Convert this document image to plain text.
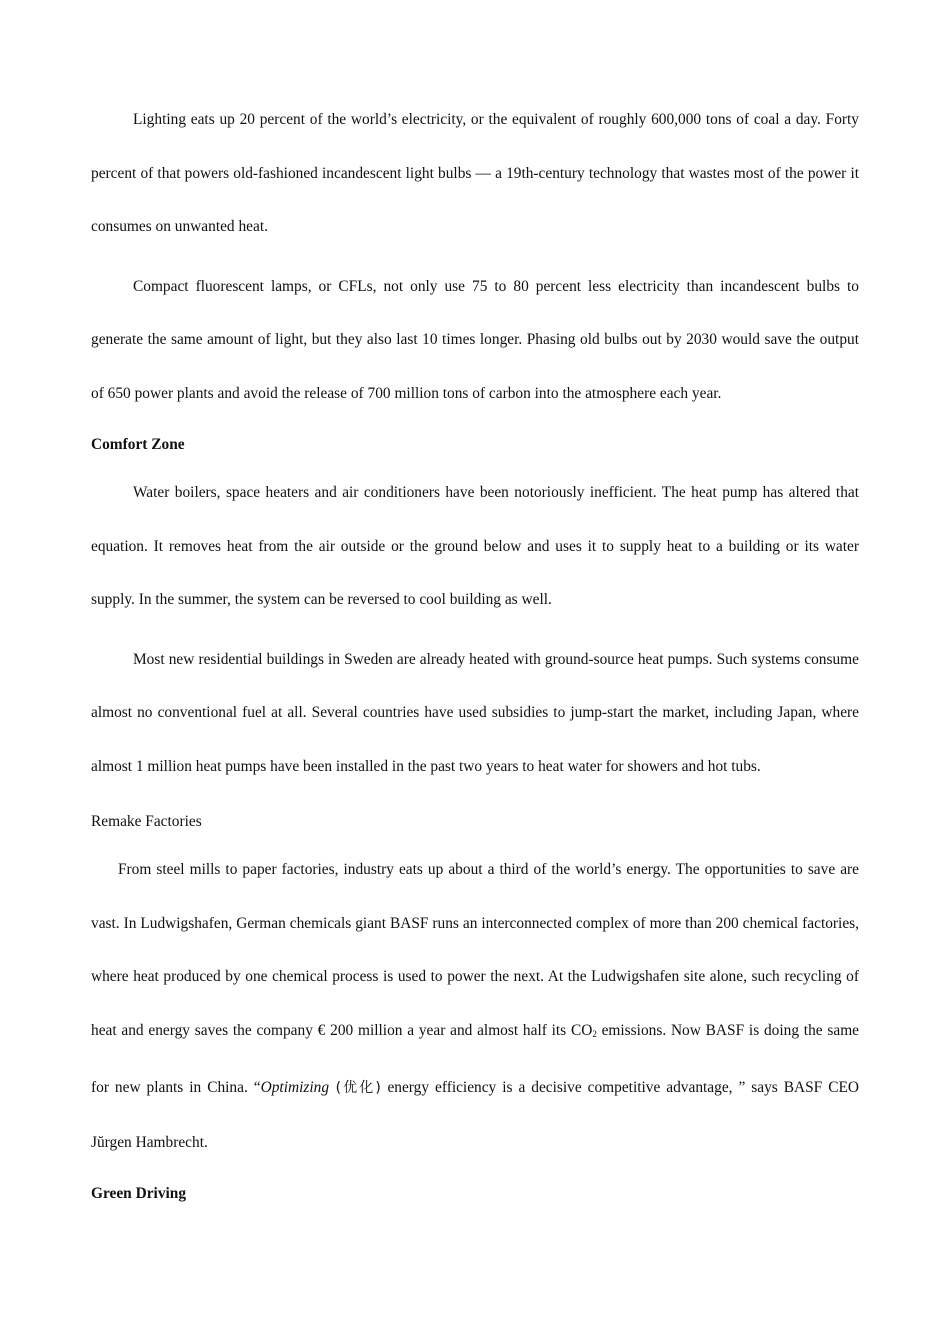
Lighting eats up 20 percent of the world’s electricity, or the equivalent of roughly 600,000 tons of coal a day. Forty percent of that powers old-fashioned incandescent light bulbs — a 19th-century technology that wastes most of the power it consumes on unwanted heat.

Compact fluorescent lamps, or CFLs, not only use 75 to 80 percent less electricity than incandescent bulbs to generate the same amount of light, but they also last 10 times longer. Phasing old bulbs out by 2030 would save the output of 650 power plants and avoid the release of 700 million tons of carbon into the atmosphere each year.

Comfort Zone

Water boilers, space heaters and air conditioners have been notoriously inefficient. The heat pump has altered that equation. It removes heat from the air outside or the ground below and uses it to supply heat to a building or its water supply. In the summer, the system can be reversed to cool building as well.

Most new residential buildings in Sweden are already heated with ground-source heat pumps. Such systems consume almost no conventional fuel at all. Several countries have used subsidies to jump-start the market, including Japan, where almost 1 million heat pumps have been installed in the past two years to heat water for showers and hot tubs.

Remake Factories

From steel mills to paper factories, industry eats up about a third of the world’s energy. The opportunities to save are vast. In Ludwigshafen, German chemicals giant BASF runs an interconnected complex of more than 200 chemical factories, where heat produced by one chemical process is used to power the next. At the Ludwigshafen site alone, such recycling of heat and energy saves the company € 200 million a year and almost half its $CO_2$ emissions. Now BASF is doing the same for new plants in China. “Optimizing (优化) energy efficiency is a decisive competitive advantage, ” says BASF CEO Jŭrgen Hambrecht.

Green Driving
